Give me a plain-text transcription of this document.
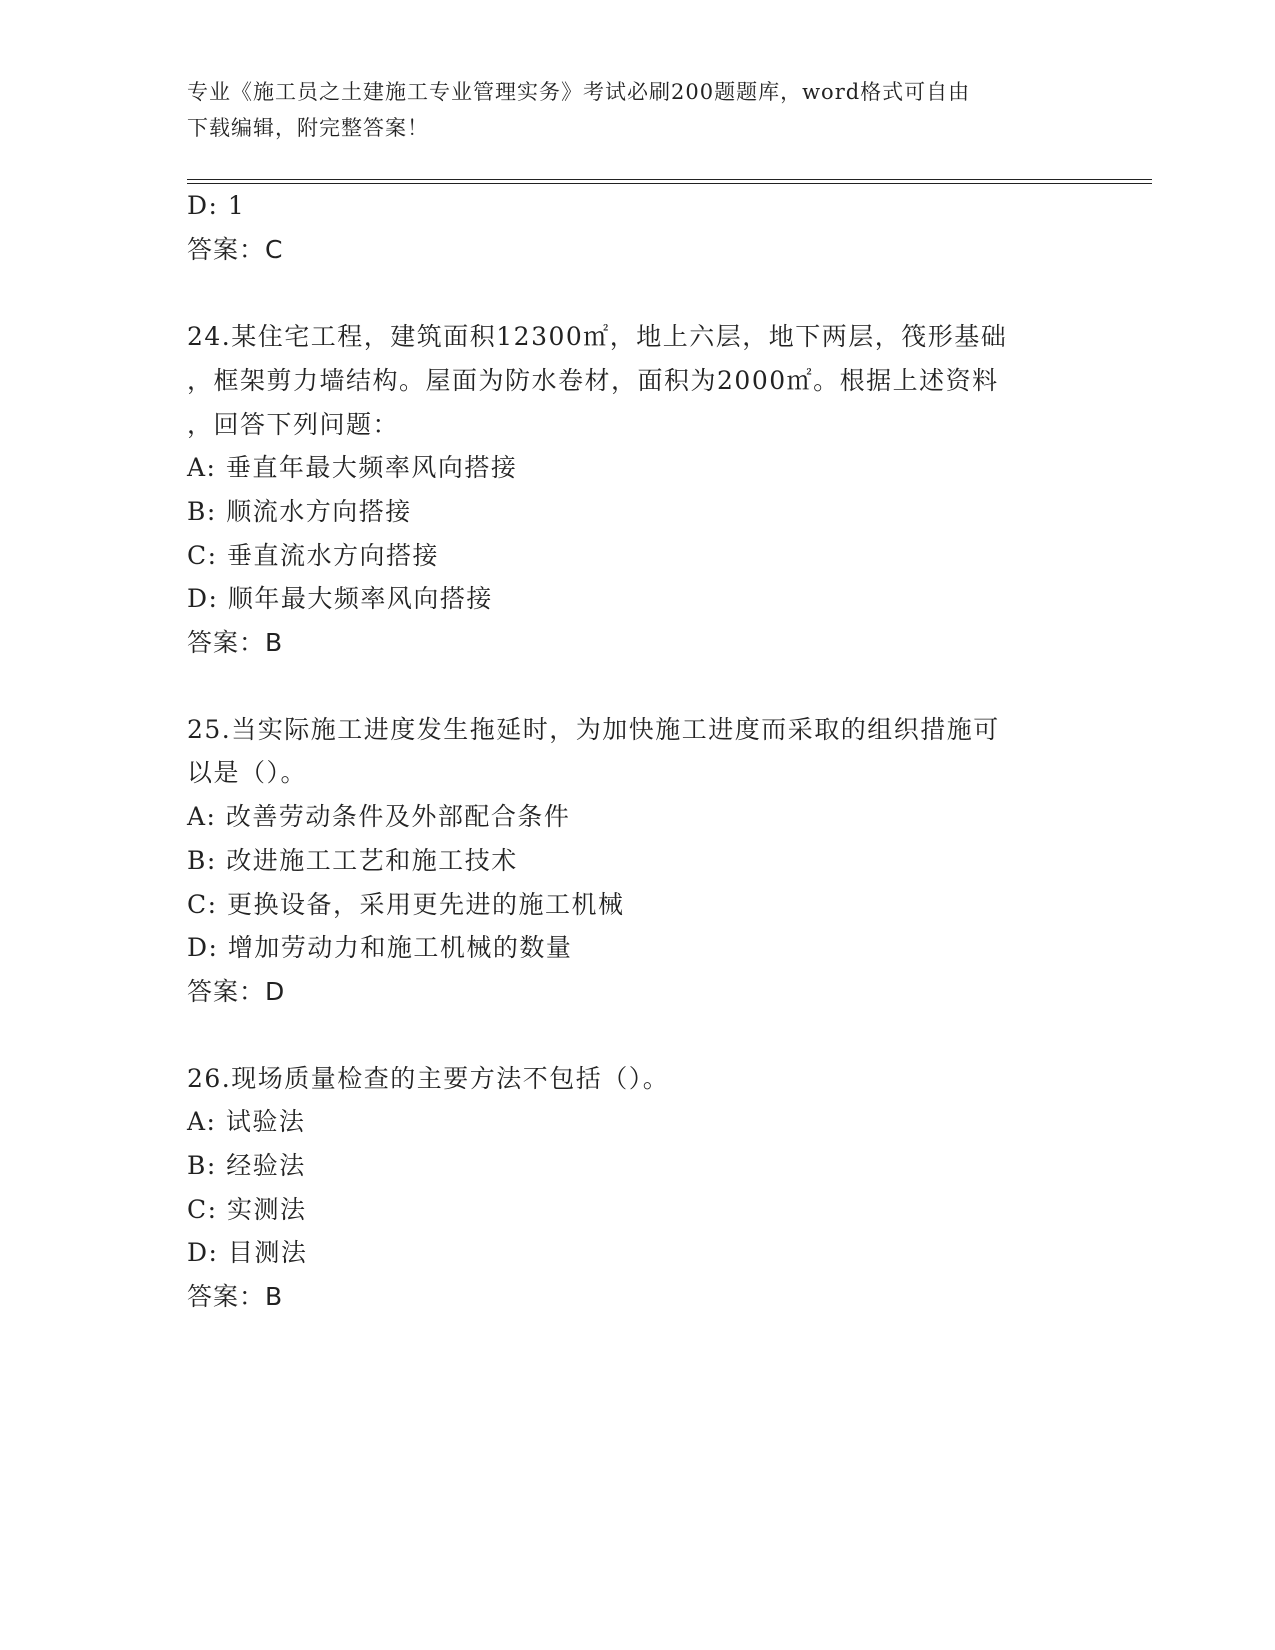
专业《施工员之土建施工专业管理实务》考试必刷200题题库，word格式可自由
下载编辑，附完整答案！
D: 1
答案：C
24.某住宅工程，建筑面积12300㎡，地上六层，地下两层，筏形基础
，框架剪力墙结构。屋面为防水卷材，面积为2000㎡。根据上述资料
，回答下列问题：
A: 垂直年最大频率风向搭接
B: 顺流水方向搭接
C: 垂直流水方向搭接
D: 顺年最大频率风向搭接
答案：B
25.当实际施工进度发生拖延时，为加快施工进度而采取的组织措施可
以是（）。
A: 改善劳动条件及外部配合条件
B: 改进施工工艺和施工技术
C: 更换设备，采用更先进的施工机械
D: 增加劳动力和施工机械的数量
答案：D
26.现场质量检查的主要方法不包括（）。
A: 试验法
B: 经验法
C: 实测法
D: 目测法
答案：B
